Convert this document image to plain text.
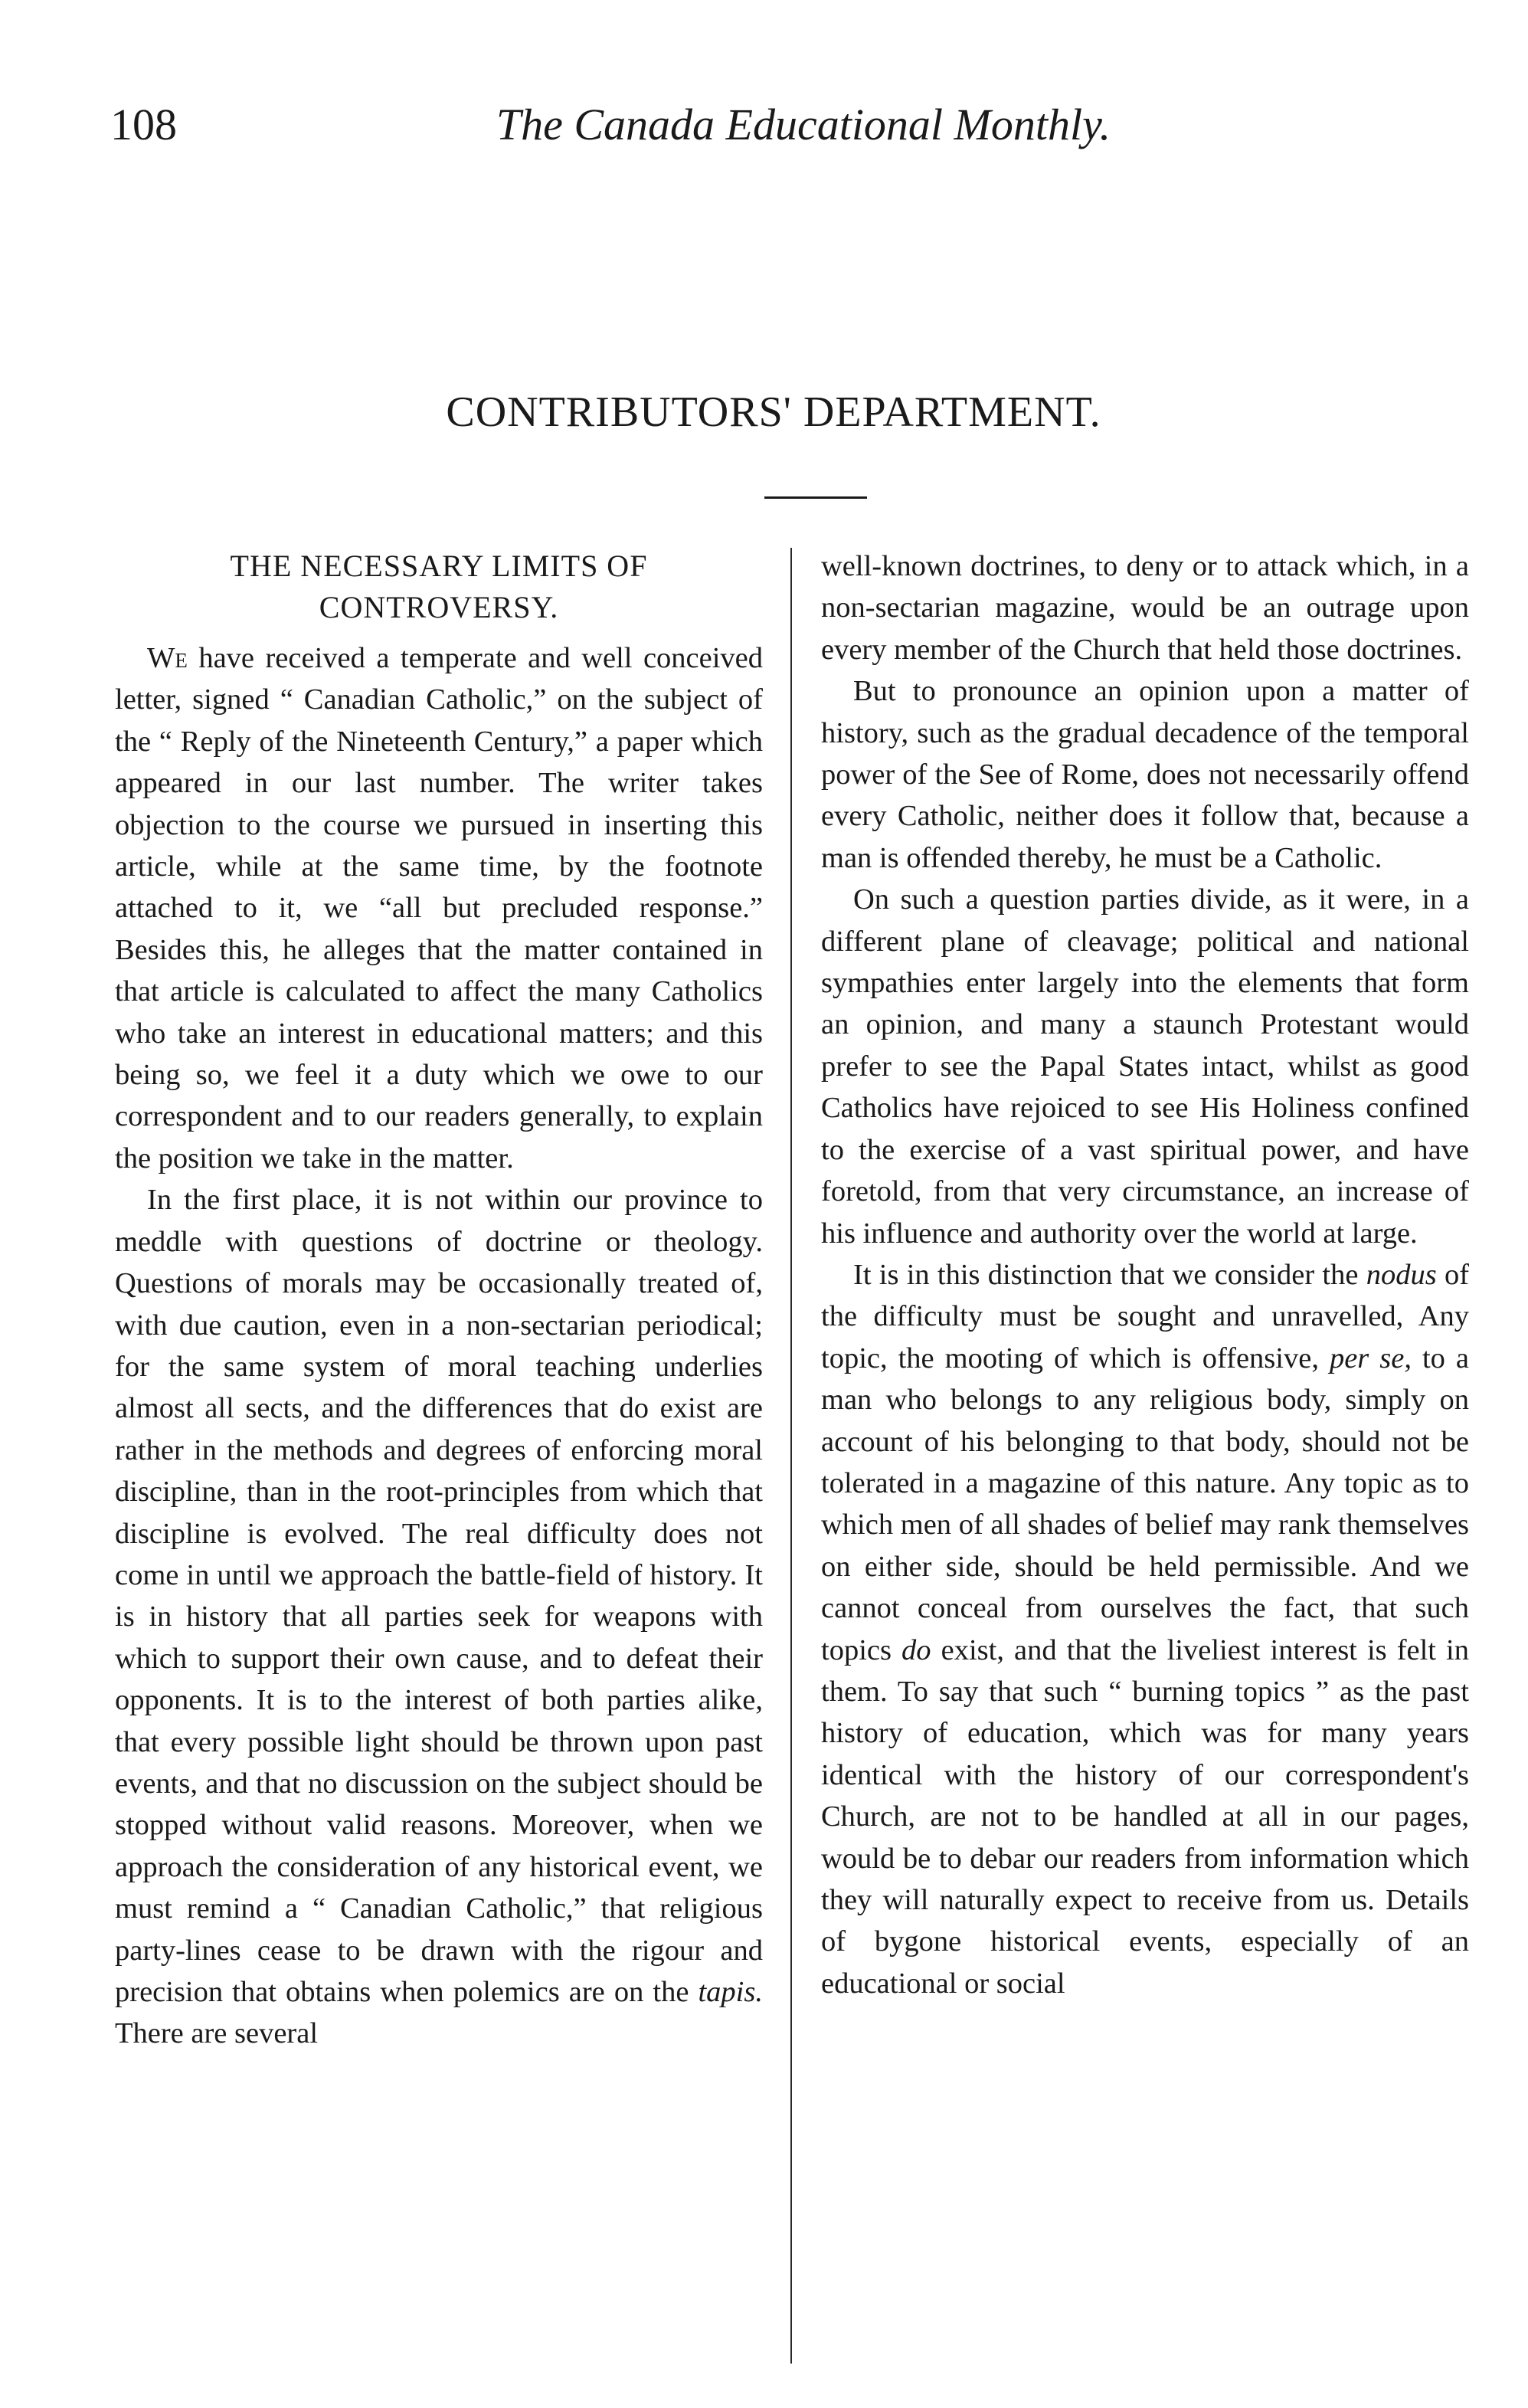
108	The Canada Educational Monthly.
CONTRIBUTORS' DEPARTMENT.
THE NECESSARY LIMITS OF
CONTROVERSY.

We have received a temperate and well conceived letter, signed “ Canadian Catholic,” on the subject of the “ Reply of the Nineteenth Century,” a paper which appeared in our last number. The writer takes objection to the course we pursued in inserting this article, while at the same time, by the footnote attached to it, we “all but precluded response.” Besides this, he alleges that the matter contained in that article is calculated to affect the many Catholics who take an interest in educational matters; and this being so, we feel it a duty which we owe to our correspondent and to our readers generally, to explain the position we take in the matter.

In the first place, it is not within our province to meddle with questions of doctrine or theology. Questions of morals may be occasionally treated of, with due caution, even in a non-sectarian periodical; for the same system of moral teaching underlies almost all sects, and the differences that do exist are rather in the methods and degrees of enforcing moral discipline, than in the root-principles from which that discipline is evolved. The real difficulty does not come in until we approach the battle-field of history. It is in history that all parties seek for weapons with which to support their own cause, and to defeat their opponents. It is to the interest of both parties alike, that every possible light should be thrown upon past events, and that no discussion on the subject should be stopped without valid reasons. Moreover, when we approach the consideration of any historical event, we must remind a “ Canadian Catholic,” that religious party-lines cease to be drawn with the rigour and precision that obtains when polemics are on the tapis. There are several

well-known doctrines, to deny or to attack which, in a non-sectarian magazine, would be an outrage upon every member of the Church that held those doctrines.

But to pronounce an opinion upon a matter of history, such as the gradual decadence of the temporal power of the See of Rome, does not necessarily offend every Catholic, neither does it follow that, because a man is offended thereby, he must be a Catholic.

On such a question parties divide, as it were, in a different plane of cleavage; political and national sympathies enter largely into the elements that form an opinion, and many a staunch Protestant would prefer to see the Papal States intact, whilst as good Catholics have rejoiced to see His Holiness confined to the exercise of a vast spiritual power, and have foretold, from that very circumstance, an increase of his influence and authority over the world at large.

It is in this distinction that we consider the nodus of the difficulty must be sought and unravelled, Any topic, the mooting of which is offensive, per se, to a man who belongs to any religious body, simply on account of his belonging to that body, should not be tolerated in a magazine of this nature. Any topic as to which men of all shades of belief may rank themselves on either side, should be held permissible. And we cannot conceal from ourselves the fact, that such topics do exist, and that the liveliest interest is felt in them. To say that such “ burning topics ” as the past history of education, which was for many years identical with the history of our correspondent's Church, are not to be handled at all in our pages, would be to debar our readers from information which they will naturally expect to receive from us. Details of bygone historical events, especially of an educational or social
